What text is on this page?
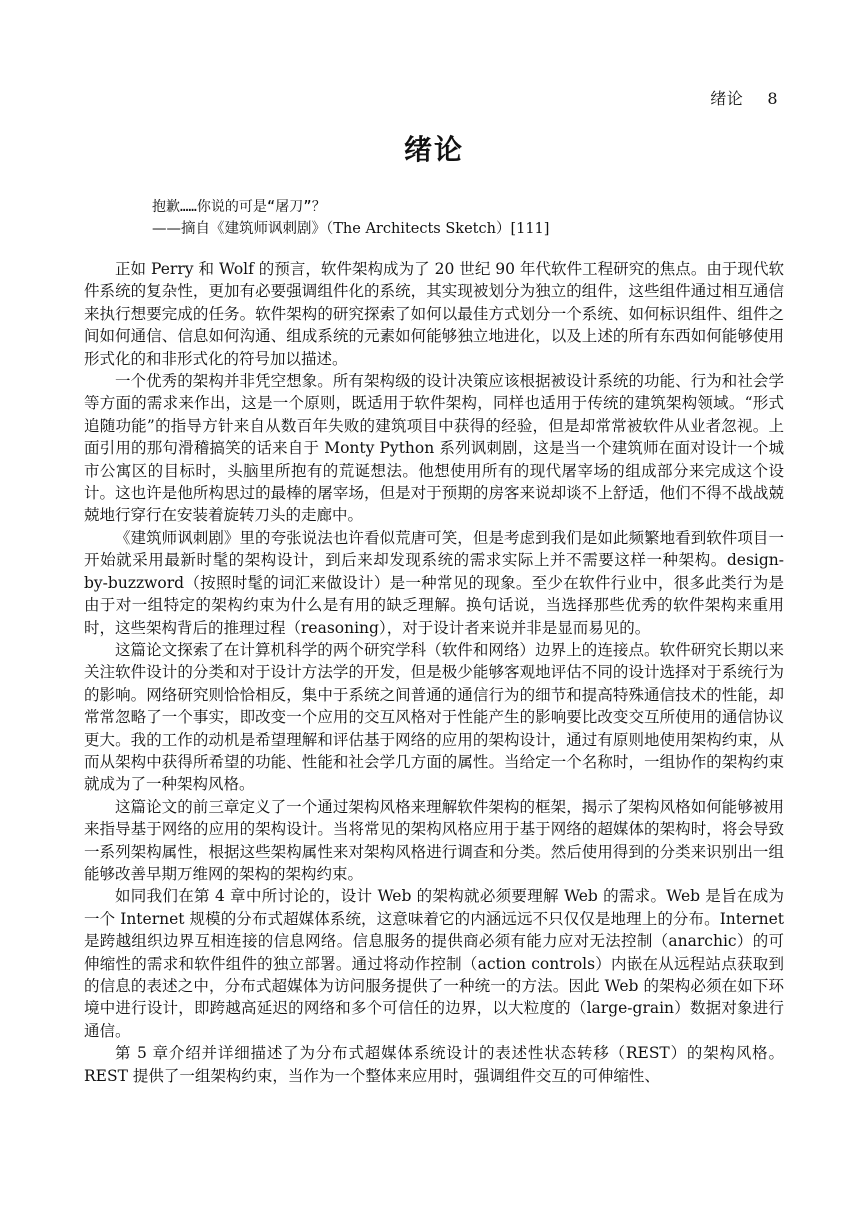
绪论 8
绪论
抱歉……你说的可是“屠刀”？
——摘自《建筑师讽刺剧》（The Architects Sketch）[111]

正如 Perry 和 Wolf 的预言，软件架构成为了 20 世纪 90 年代软件工程研究的焦点。由于现代软件系统的复杂性，更加有必要强调组件化的系统，其实现被划分为独立的组件，这些组件通过相互通信来执行想要完成的任务。软件架构的研究探索了如何以最佳方式划分一个系统、如何标识组件、组件之间如何通信、信息如何沟通、组成系统的元素如何能够独立地进化，以及上述的所有东西如何能够使用形式化的和非形式化的符号加以描述。

一个优秀的架构并非凭空想象。所有架构级的设计决策应该根据被设计系统的功能、行为和社会学等方面的需求来作出，这是一个原则，既适用于软件架构，同样也适用于传统的建筑架构领域。“形式追随功能”的指导方针来自从数百年失败的建筑项目中获得的经验，但是却常常被软件从业者忽视。上面引用的那句滑稽搞笑的话来自于 Monty Python 系列讽刺剧，这是当一个建筑师在面对设计一个城市公寓区的目标时，头脑里所抱有的荒诞想法。他想使用所有的现代屠宰场的组成部分来完成这个设计。这也许是他所构思过的最棒的屠宰场，但是对于预期的房客来说却谈不上舒适，他们不得不战战兢兢地行穿行在安装着旋转刀头的走廊中。

《建筑师讽刺剧》里的夸张说法也许看似荒唐可笑，但是考虑到我们是如此频繁地看到软件项目一开始就采用最新时髦的架构设计，到后来却发现系统的需求实际上并不需要这样一种架构。design-by-buzzword（按照时髦的词汇来做设计）是一种常见的现象。至少在软件行业中，很多此类行为是由于对一组特定的架构约束为什么是有用的缺乏理解。换句话说，当选择那些优秀的软件架构来重用时，这些架构背后的推理过程（reasoning），对于设计者来说并非是显而易见的。

这篇论文探索了在计算机科学的两个研究学科（软件和网络）边界上的连接点。软件研究长期以来关注软件设计的分类和对于设计方法学的开发，但是极少能够客观地评估不同的设计选择对于系统行为的影响。网络研究则恰恰相反，集中于系统之间普通的通信行为的细节和提高特殊通信技术的性能，却常常忽略了一个事实，即改变一个应用的交互风格对于性能产生的影响要比改变交互所使用的通信协议更大。我的工作的动机是希望理解和评估基于网络的应用的架构设计，通过有原则地使用架构约束，从而从架构中获得所希望的功能、性能和社会学几方面的属性。当给定一个名称时，一组协作的架构约束就成为了一种架构风格。

这篇论文的前三章定义了一个通过架构风格来理解软件架构的框架，揭示了架构风格如何能够被用来指导基于网络的应用的架构设计。当将常见的架构风格应用于基于网络的超媒体的架构时，将会导致一系列架构属性，根据这些架构属性来对架构风格进行调查和分类。然后使用得到的分类来识别出一组能够改善早期万维网的架构的架构约束。

如同我们在第 4 章中所讨论的，设计 Web 的架构就必须要理解 Web 的需求。Web 是旨在成为一个 Internet 规模的分布式超媒体系统，这意味着它的内涵远远不只仅仅是地理上的分布。Internet 是跨越组织边界互相连接的信息网络。信息服务的提供商必须有能力应对无法控制（anarchic）的可伸缩性的需求和软件组件的独立部署。通过将动作控制（action controls）内嵌在从远程站点获取到的信息的表述之中，分布式超媒体为访问服务提供了一种统一的方法。因此 Web 的架构必须在如下环境中进行设计，即跨越高延迟的网络和多个可信任的边界，以大粒度的（large-grain）数据对象进行通信。

第 5 章介绍并详细描述了为分布式超媒体系统设计的表述性状态转移（REST）的架构风格。REST 提供了一组架构约束，当作为一个整体来应用时，强调组件交互的可伸缩性、
